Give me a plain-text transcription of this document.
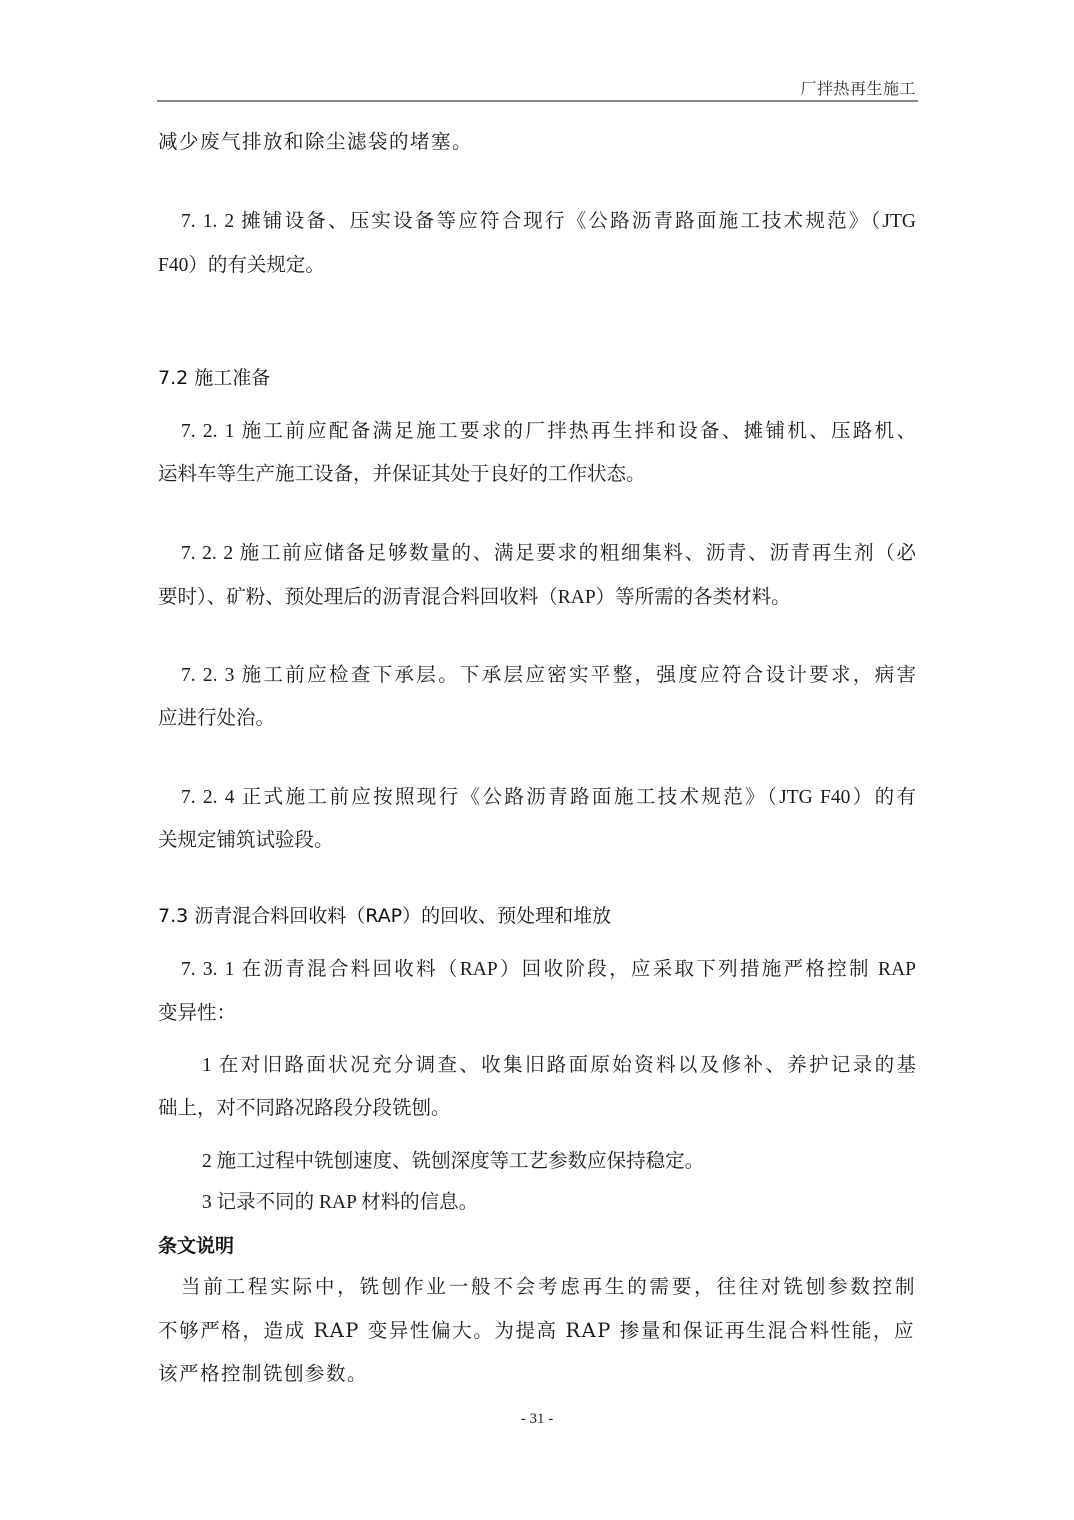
厂拌热再生施工
减少废气排放和除尘滤袋的堵塞。
7. 1. 2 摊铺设备、压实设备等应符合现行《公路沥青路面施工技术规范》（JTG
F40）的有关规定。
7.2 施工准备
7. 2. 1 施工前应配备满足施工要求的厂拌热再生拌和设备、摊铺机、压路机、
运料车等生产施工设备，并保证其处于良好的工作状态。
7. 2. 2 施工前应储备足够数量的、满足要求的粗细集料、沥青、沥青再生剂（必
要时）、矿粉、预处理后的沥青混合料回收料（RAP）等所需的各类材料。
7. 2. 3 施工前应检查下承层。下承层应密实平整，强度应符合设计要求，病害
应进行处治。
7. 2. 4 正式施工前应按照现行《公路沥青路面施工技术规范》（JTG F40）的有
关规定铺筑试验段。
7.3 沥青混合料回收料（RAP）的回收、预处理和堆放
7. 3. 1 在沥青混合料回收料（RAP）回收阶段，应采取下列措施严格控制 RAP
变异性：
1 在对旧路面状况充分调查、收集旧路面原始资料以及修补、养护记录的基
础上，对不同路况路段分段铣刨。
2 施工过程中铣刨速度、铣刨深度等工艺参数应保持稳定。
3 记录不同的 RAP 材料的信息。
条文说明
当前工程实际中，铣刨作业一般不会考虑再生的需要，往往对铣刨参数控制
不够严格，造成 RAP 变异性偏大。为提高 RAP 掺量和保证再生混合料性能，应
该严格控制铣刨参数。
- 31 -
